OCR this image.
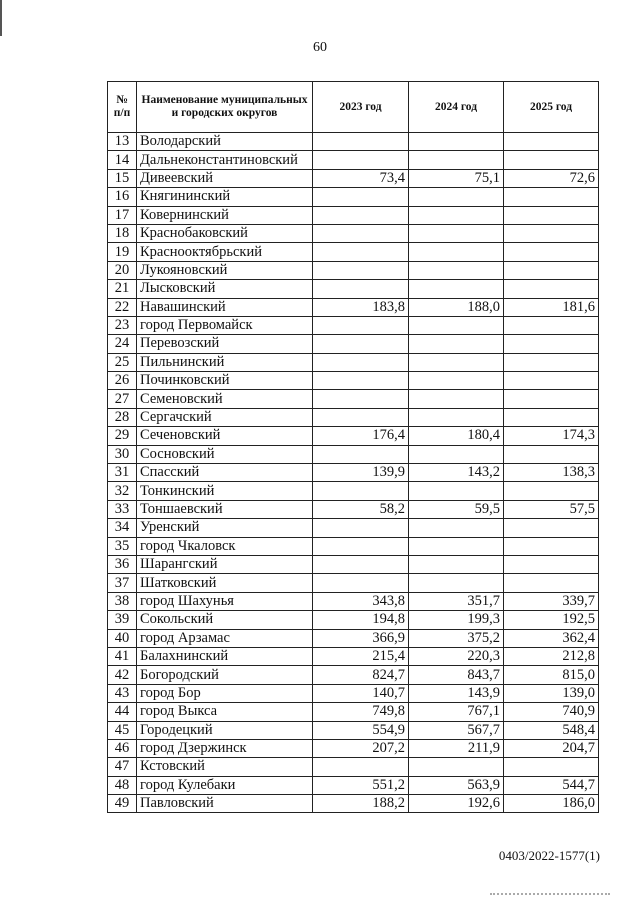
60
№ п/п	Наименование муниципальных и городских округов	2023 год	2024 год	2025 год
13	Володарский			
14	Дальнеконстантиновский			
15	Дивеевский	73,4	75,1	72,6
16	Княгининский			
17	Ковернинский			
18	Краснобаковский			
19	Краснооктябрьский			
20	Лукояновский			
21	Лысковский			
22	Навашинский	183,8	188,0	181,6
23	город Первомайск			
24	Перевозский			
25	Пильнинский			
26	Починковский			
27	Семеновский			
28	Сергачский			
29	Сеченовский	176,4	180,4	174,3
30	Сосновский			
31	Спасский	139,9	143,2	138,3
32	Тонкинский			
33	Тоншаевский	58,2	59,5	57,5
34	Уренский			
35	город Чкаловск			
36	Шарангский			
37	Шатковский			
38	город Шахунья	343,8	351,7	339,7
39	Сокольский	194,8	199,3	192,5
40	город Арзамас	366,9	375,2	362,4
41	Балахнинский	215,4	220,3	212,8
42	Богородский	824,7	843,7	815,0
43	город Бор	140,7	143,9	139,0
44	город Выкса	749,8	767,1	740,9
45	Городецкий	554,9	567,7	548,4
46	город Дзержинск	207,2	211,9	204,7
47	Кстовский			
48	город Кулебаки	551,2	563,9	544,7
49	Павловский	188,2	192,6	186,0
0403/2022-1577(1)
